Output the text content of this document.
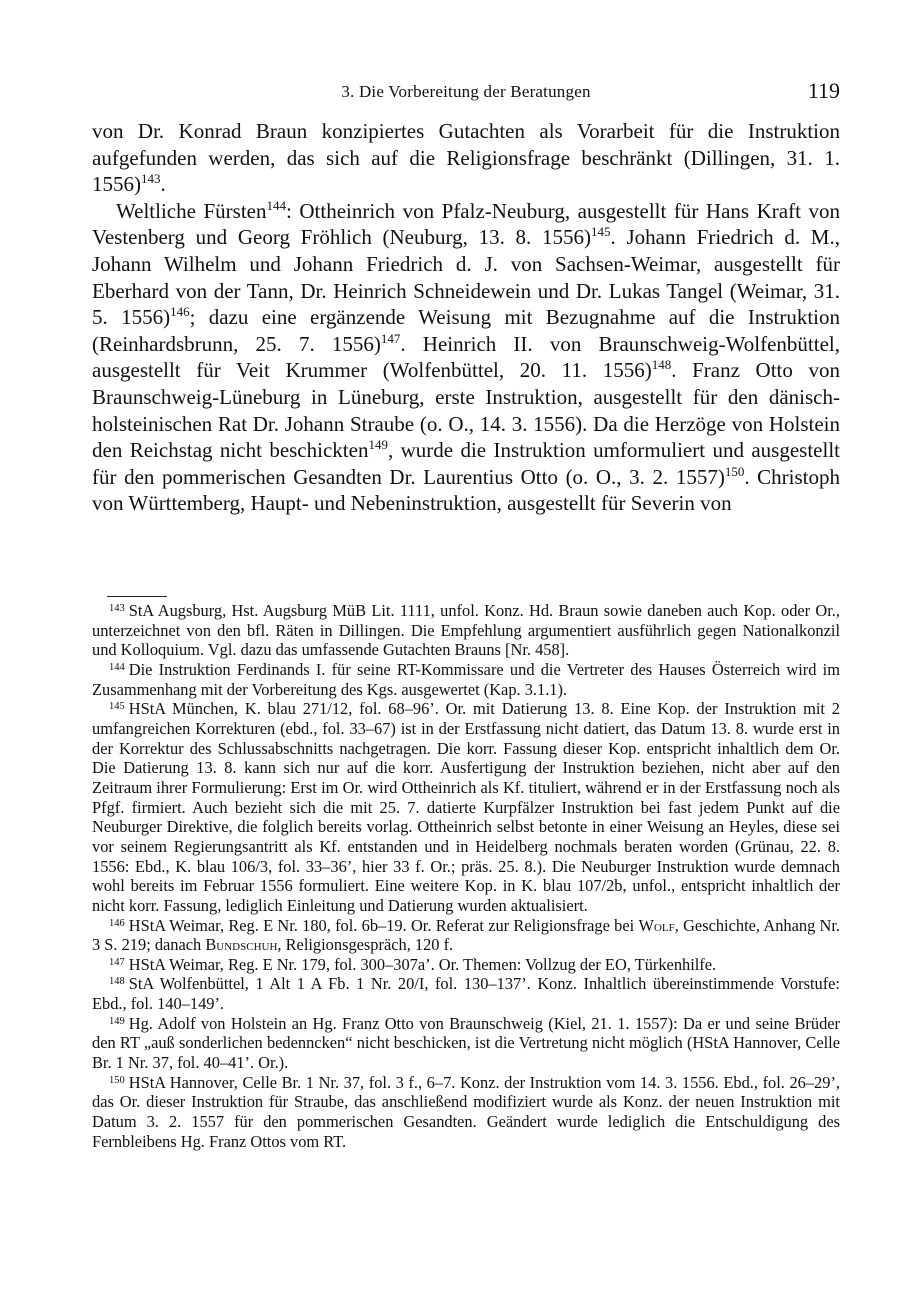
3. Die Vorbereitung der Beratungen	119

von Dr. Konrad Braun konzipiertes Gutachten als Vorarbeit für die Instruktion aufgefunden werden, das sich auf die Religionsfrage beschränkt (Dillingen, 31. 1. 1556)$^{143}$.

Weltliche Fürsten$^{144}$: Ottheinrich von Pfalz-Neuburg, ausgestellt für Hans Kraft von Vestenberg und Georg Fröhlich (Neuburg, 13. 8. 1556)$^{145}$. Johann Friedrich d. M., Johann Wilhelm und Johann Friedrich d. J. von Sachsen-Weimar, ausgestellt für Eberhard von der Tann, Dr. Heinrich Schneidewein und Dr. Lukas Tangel (Weimar, 31. 5. 1556)$^{146}$; dazu eine ergänzende Weisung mit Bezugnahme auf die Instruktion (Reinhardsbrunn, 25. 7. 1556)$^{147}$. Heinrich II. von Braunschweig-Wolfenbüttel, ausgestellt für Veit Krummer (Wolfenbüttel, 20. 11. 1556)$^{148}$. Franz Otto von Braunschweig-Lüneburg in Lüneburg, erste Instruktion, ausgestellt für den dänisch-holsteinischen Rat Dr. Johann Straube (o. O., 14. 3. 1556). Da die Herzöge von Holstein den Reichstag nicht beschickten$^{149}$, wurde die Instruktion umformuliert und ausgestellt für den pommerischen Gesandten Dr. Laurentius Otto (o. O., 3. 2. 1557)$^{150}$. Christoph von Württemberg, Haupt- und Nebeninstruktion, ausgestellt für Severin von

$^{143}$ StA Augsburg, Hst. Augsburg MüB Lit. 1111, unfol. Konz. Hd. Braun sowie daneben auch Kop. oder Or., unterzeichnet von den bfl. Räten in Dillingen. Die Empfehlung argumentiert ausführlich gegen Nationalkonzil und Kolloquium. Vgl. dazu das umfassende Gutachten Brauns [Nr. 458].

$^{144}$ Die Instruktion Ferdinands I. für seine RT-Kommissare und die Vertreter des Hauses Österreich wird im Zusammenhang mit der Vorbereitung des Kgs. ausgewertet (Kap. 3.1.1).

$^{145}$ HStA München, K. blau 271/12, fol. 68–96’. Or. mit Datierung 13. 8. Eine Kop. der Instruktion mit 2 umfangreichen Korrekturen (ebd., fol. 33–67) ist in der Erstfassung nicht datiert, das Datum 13. 8. wurde erst in der Korrektur des Schlussabschnitts nachgetragen. Die korr. Fassung dieser Kop. entspricht inhaltlich dem Or. Die Datierung 13. 8. kann sich nur auf die korr. Ausfertigung der Instruktion beziehen, nicht aber auf den Zeitraum ihrer Formulierung: Erst im Or. wird Ottheinrich als Kf. tituliert, während er in der Erstfassung noch als Pfgf. firmiert. Auch bezieht sich die mit 25. 7. datierte Kurpfälzer Instruktion bei fast jedem Punkt auf die Neuburger Direktive, die folglich bereits vorlag. Ottheinrich selbst betonte in einer Weisung an Heyles, diese sei vor seinem Regierungsantritt als Kf. entstanden und in Heidelberg nochmals beraten worden (Grünau, 22. 8. 1556: Ebd., K. blau 106/3, fol. 33–36’, hier 33 f. Or.; präs. 25. 8.). Die Neuburger Instruktion wurde demnach wohl bereits im Februar 1556 formuliert. Eine weitere Kop. in K. blau 107/2b, unfol., entspricht inhaltlich der nicht korr. Fassung, lediglich Einleitung und Datierung wurden aktualisiert.

$^{146}$ HStA Weimar, Reg. E Nr. 180, fol. 6b–19. Or. Referat zur Religionsfrage bei Wolf, Geschichte, Anhang Nr. 3 S. 219; danach Bundschuh, Religionsgespräch, 120 f.

$^{147}$ HStA Weimar, Reg. E Nr. 179, fol. 300–307a’. Or. Themen: Vollzug der EO, Türkenhilfe.

$^{148}$ StA Wolfenbüttel, 1 Alt 1 A Fb. 1 Nr. 20/I, fol. 130–137’. Konz. Inhaltlich übereinstimmende Vorstufe: Ebd., fol. 140–149’.

$^{149}$ Hg. Adolf von Holstein an Hg. Franz Otto von Braunschweig (Kiel, 21. 1. 1557): Da er und seine Brüder den RT „auß sonderlichen bedenncken“ nicht beschicken, ist die Vertretung nicht möglich (HStA Hannover, Celle Br. 1 Nr. 37, fol. 40–41’. Or.).

$^{150}$ HStA Hannover, Celle Br. 1 Nr. 37, fol. 3 f., 6–7. Konz. der Instruktion vom 14. 3. 1556. Ebd., fol. 26–29’, das Or. dieser Instruktion für Straube, das anschließend modifiziert wurde als Konz. der neuen Instruktion mit Datum 3. 2. 1557 für den pommerischen Gesandten. Geändert wurde lediglich die Entschuldigung des Fernbleibens Hg. Franz Ottos vom RT.
